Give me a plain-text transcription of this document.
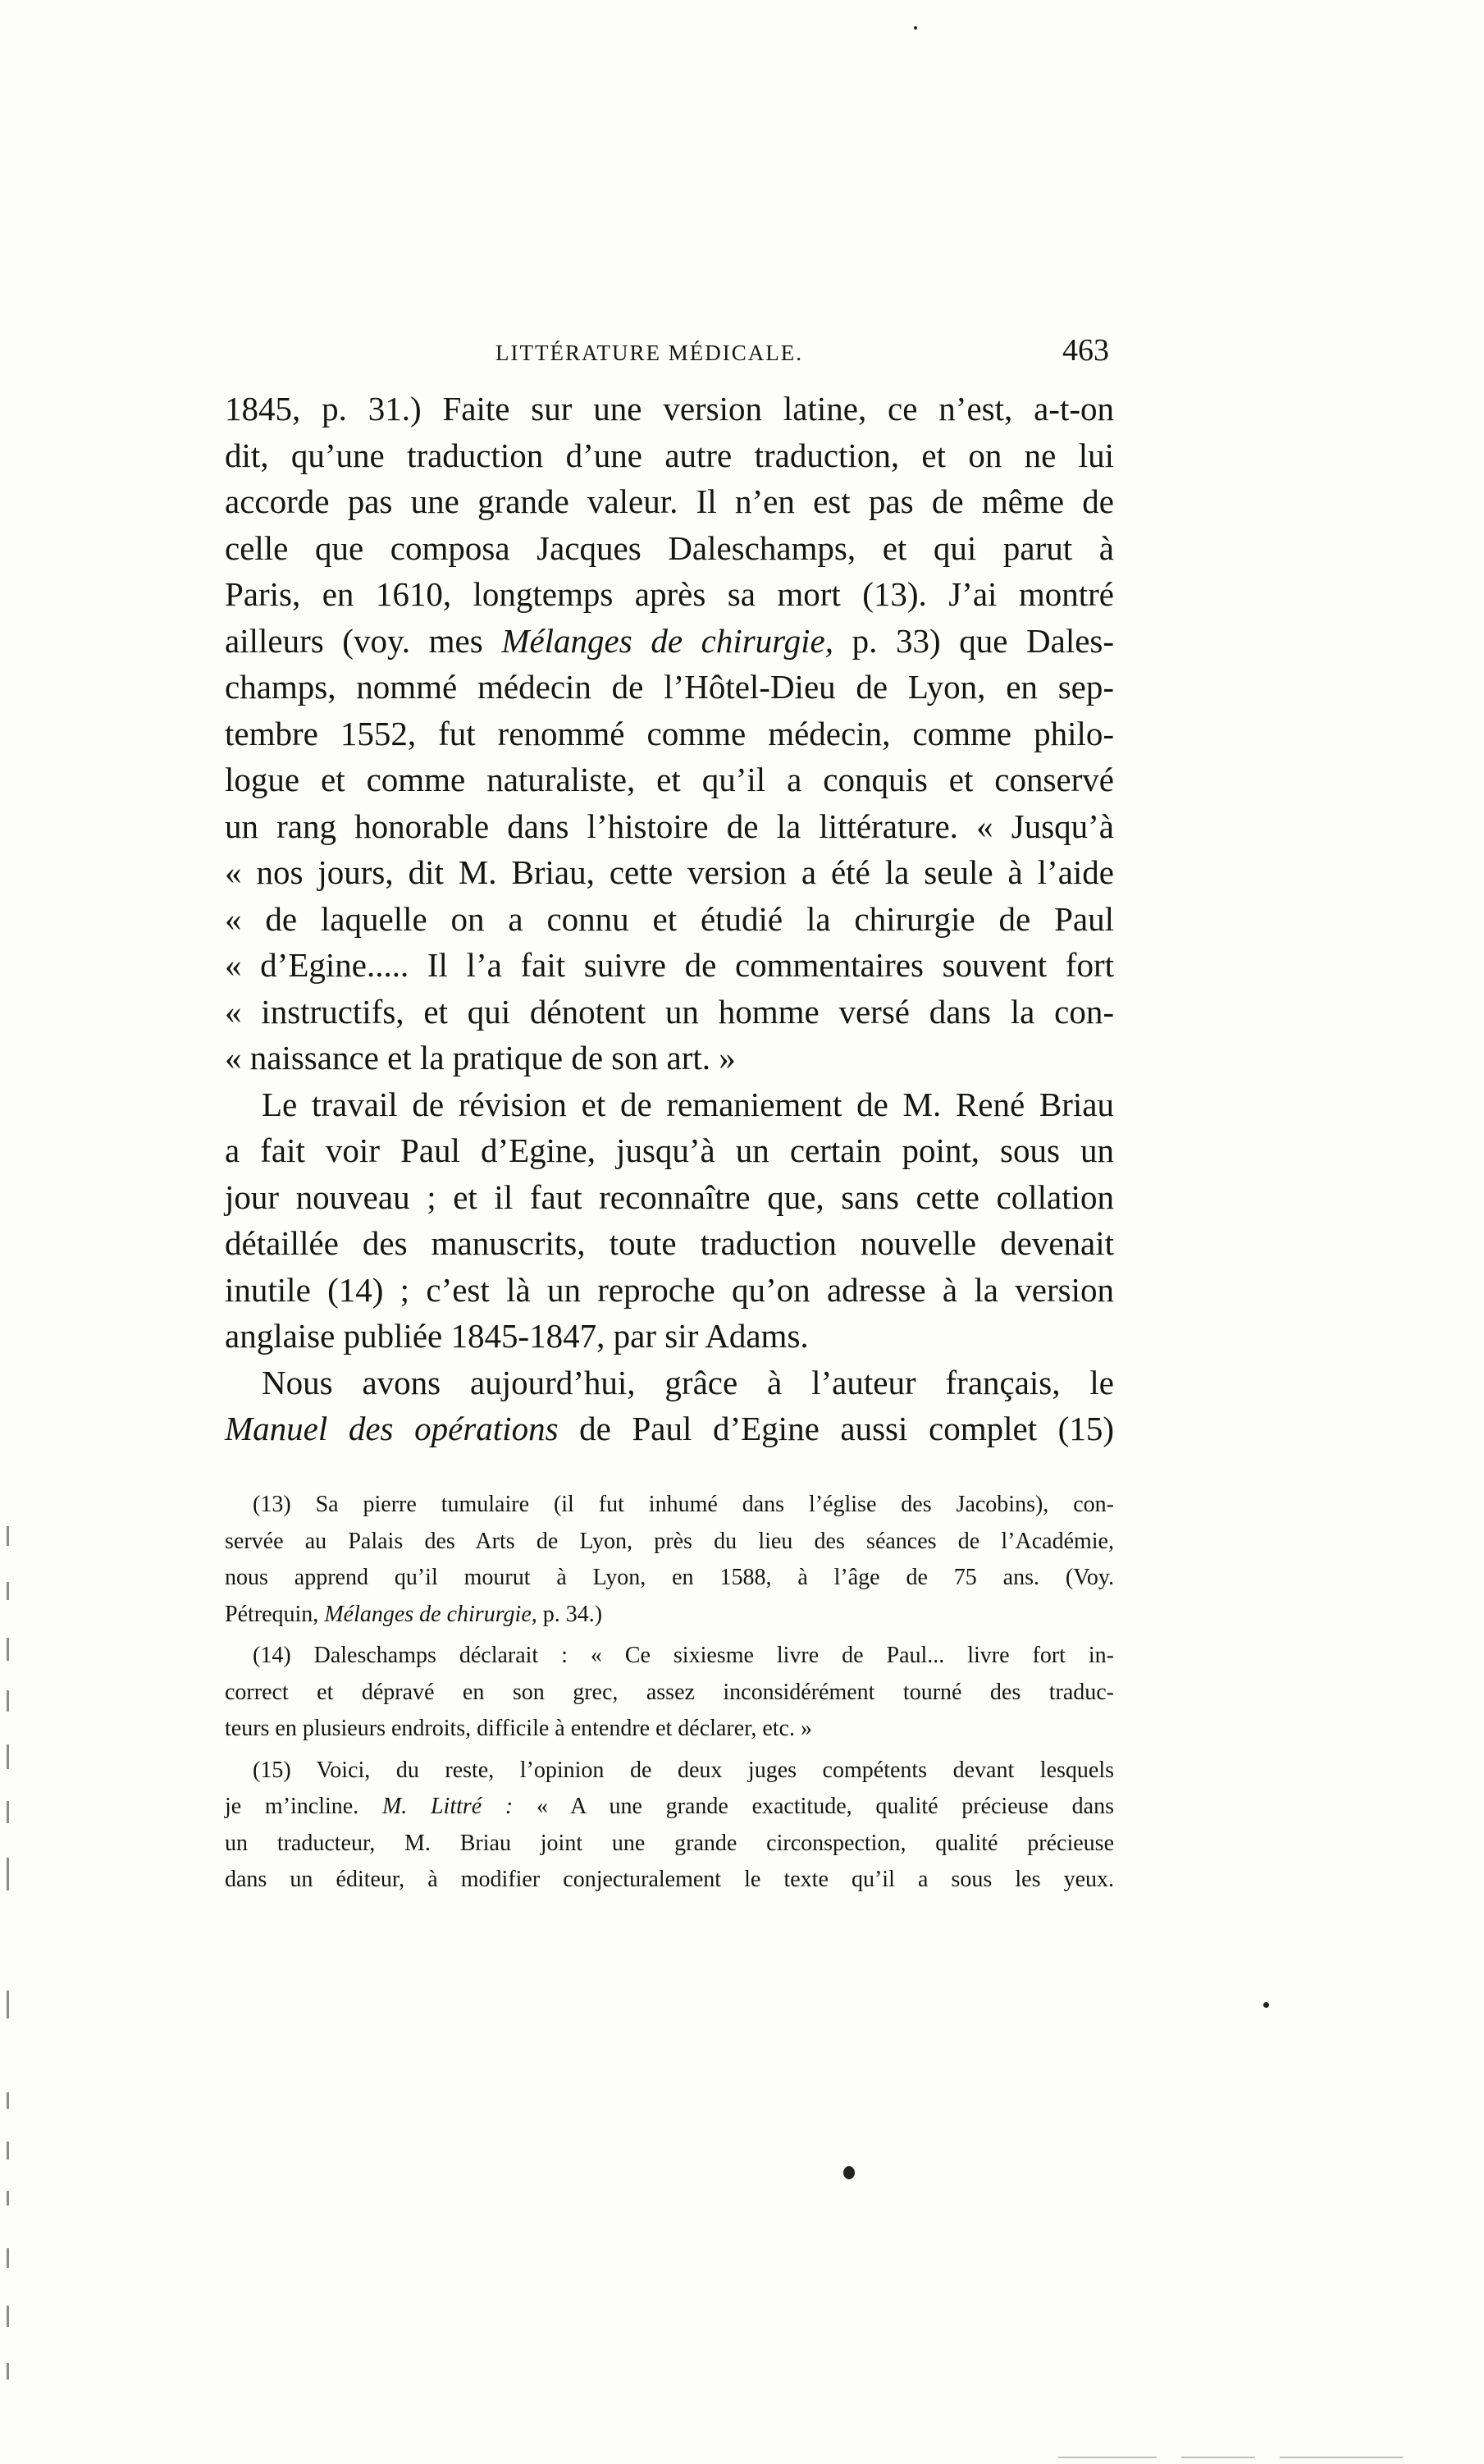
LITTÉRATURE MÉDICALE.	463
1845, p. 31.) Faite sur une version latine, ce n’est, a-t-on
dit, qu’une traduction d’une autre traduction, et on ne lui
accorde pas une grande valeur. Il n’en est pas de même de
celle que composa Jacques Daleschamps, et qui parut à
Paris, en 1610, longtemps après sa mort (13). J’ai montré
ailleurs (voy. mes Mélanges de chirurgie, p. 33) que Dales-
champs, nommé médecin de l’Hôtel-Dieu de Lyon, en sep-
tembre 1552, fut renommé comme médecin, comme philo-
logue et comme naturaliste, et qu’il a conquis et conservé
un rang honorable dans l’histoire de la littérature. « Jusqu’à
« nos jours, dit M. Briau, cette version a été la seule à l’aide
« de laquelle on a connu et étudié la chirurgie de Paul
« d’Egine..... Il l’a fait suivre de commentaires souvent fort
« instructifs, et qui dénotent un homme versé dans la con-
« naissance et la pratique de son art. »
Le travail de révision et de remaniement de M. René Briau
a fait voir Paul d’Egine, jusqu’à un certain point, sous un
jour nouveau ; et il faut reconnaître que, sans cette collation
détaillée des manuscrits, toute traduction nouvelle devenait
inutile (14) ; c’est là un reproche qu’on adresse à la version
anglaise publiée 1845-1847, par sir Adams.
Nous avons aujourd’hui, grâce à l’auteur français, le
Manuel des opérations de Paul d’Egine aussi complet (15)
(13) Sa pierre tumulaire (il fut inhumé dans l’église des Jacobins), con-
servée au Palais des Arts de Lyon, près du lieu des séances de l’Académie,
nous apprend qu’il mourut à Lyon, en 1588, à l’âge de 75 ans. (Voy.
Pétrequin, Mélanges de chirurgie, p. 34.)
(14) Daleschamps déclarait : « Ce sixiesme livre de Paul... livre fort in-
correct et dépravé en son grec, assez inconsidérément tourné des traduc-
teurs en plusieurs endroits, difficile à entendre et déclarer, etc. »
(15) Voici, du reste, l’opinion de deux juges compétents devant lesquels
je m’incline. M. Littré : « A une grande exactitude, qualité précieuse dans
un traducteur, M. Briau joint une grande circonspection, qualité précieuse
dans un éditeur, à modifier conjecturalement le texte qu’il a sous les yeux.
